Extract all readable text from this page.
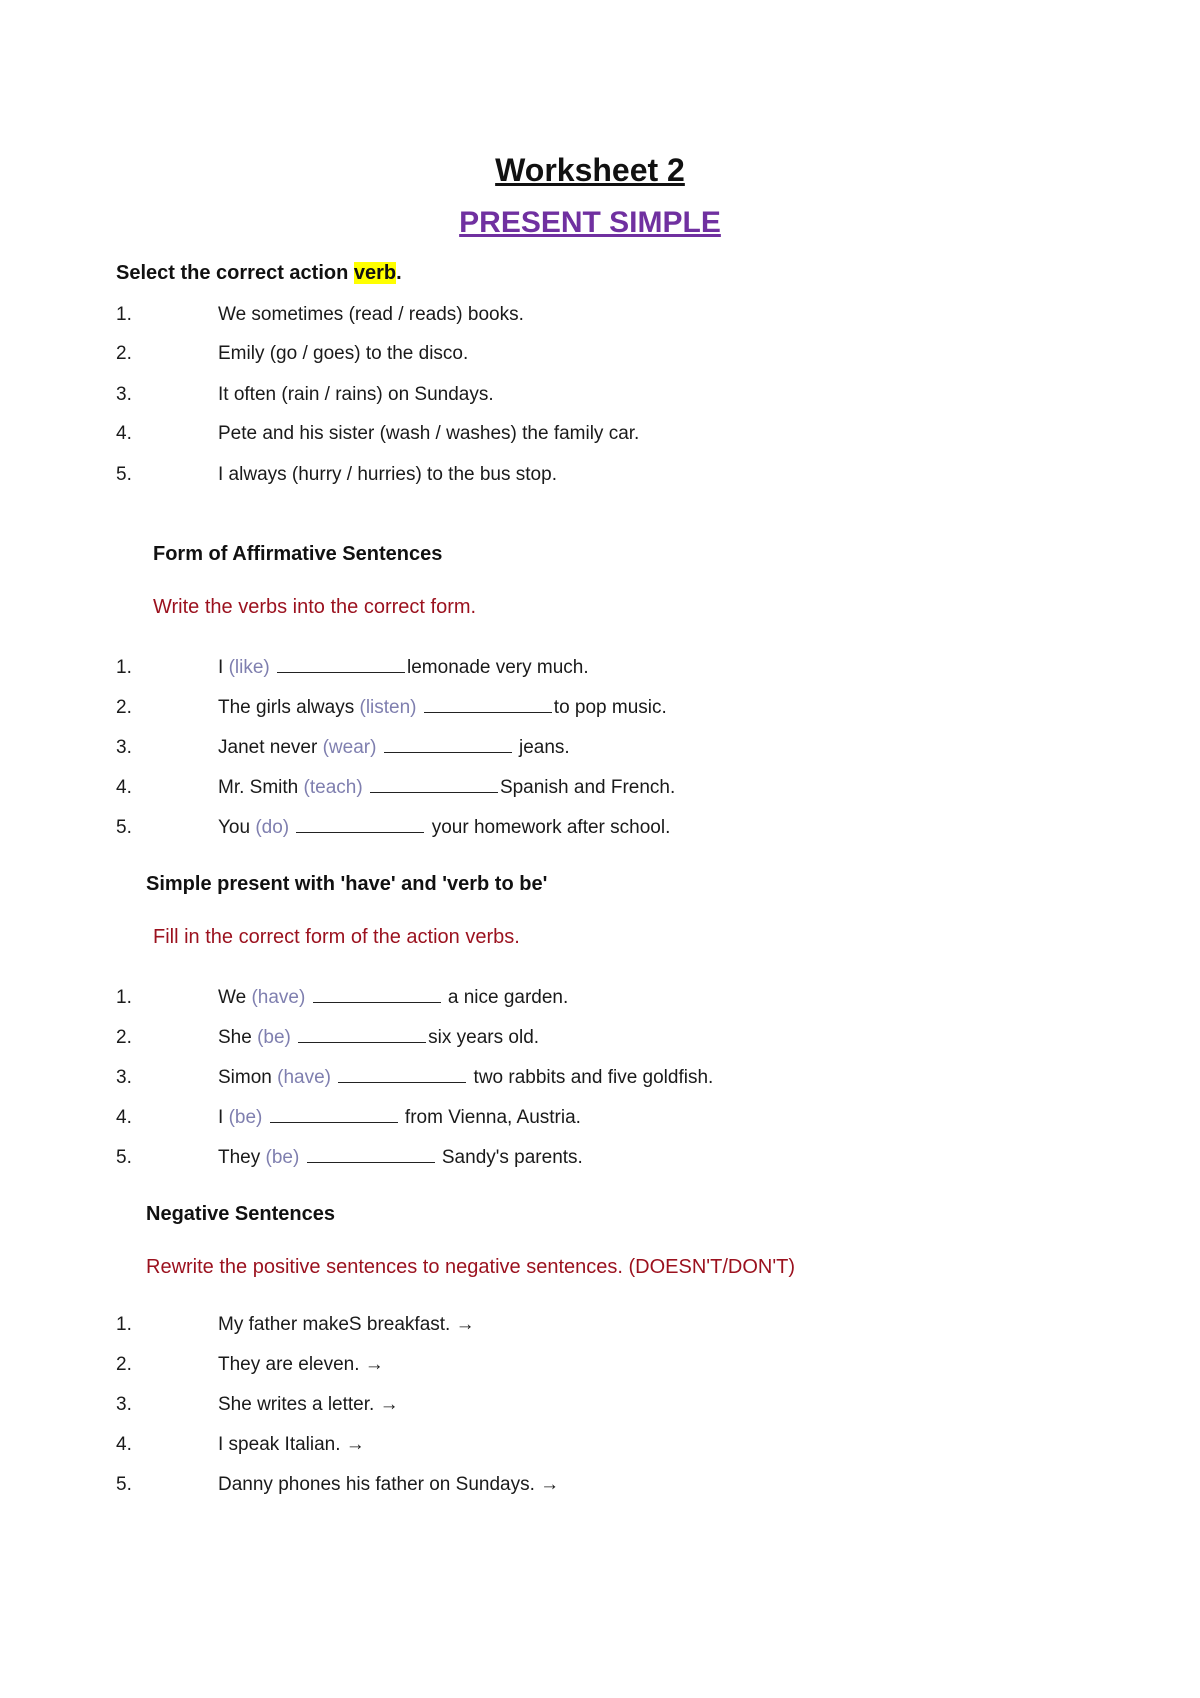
Worksheet 2
PRESENT SIMPLE
Select the correct action verb.
1.	We sometimes (read / reads) books.
2.	Emily (go / goes) to the disco.
3.	It often (rain / rains) on Sundays.
4.	Pete and his sister (wash / washes) the family car.
5.	I always (hurry / hurries) to the bus stop.
Form of Affirmative Sentences
Write the verbs into the correct form.
1.	I (like)	lemonade very much.
2.	The girls always (listen)	to pop music.
3.	Janet never (wear)	jeans.
4.	Mr. Smith (teach)	Spanish and French.
5.	You (do)	your homework after school.
Simple present with 'have' and 'verb to be'
Fill in the correct form of the action verbs.
1.	We (have)	a nice garden.
2.	She (be)	six years old.
3.	Simon (have)	two rabbits and five goldfish.
4.	I (be)	from Vienna, Austria.
5.	They (be)	Sandy's parents.
Negative Sentences
Rewrite the positive sentences to negative sentences. (DOESN'T/DON'T)
1.	My father makeS breakfast. →
2.	They are eleven. →
3.	She writes a letter. →
4.	I speak Italian. →
5.	Danny phones his father on Sundays. →
